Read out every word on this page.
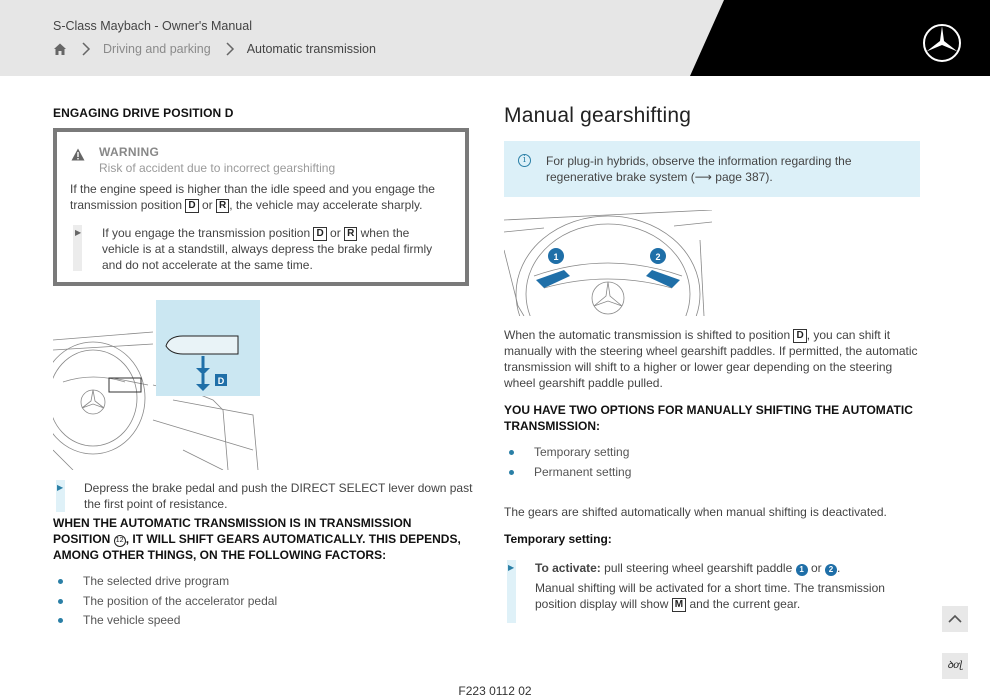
S-Class Maybach - Owner's Manual
Driving and parking	Automatic transmission
ENGAGING DRIVE POSITION D
WARNING
Risk of accident due to incorrect gearshifting
If the engine speed is higher than the idle speed and you engage the transmission position D or R , the vehicle may accelerate sharply.
▶ If you engage the transmission position D or R when the vehicle is at a standstill, always depress the brake pedal firmly and do not accelerate at the same time.
D
▶ Depress the brake pedal and push the DIRECT SELECT lever down past the first point of resistance.
WHEN THE AUTOMATIC TRANSMISSION IS IN TRANSMISSION POSITION 12 , IT WILL SHIFT GEARS AUTOMATICALLY. THIS DEPENDS, AMONG OTHER THINGS, ON THE FOLLOWING FACTORS:
The selected drive program
The position of the accelerator pedal
The vehicle speed
Manual gearshifting
i	For plug-in hybrids, observe the information regarding the regenerative brake system (⟶ page 387).
1	2
When the automatic transmission is shifted to position D , you can shift it manually with the steering wheel gearshift paddles. If permitted, the automatic transmission will shift to a higher or lower gear depending on the steering wheel gearshift paddle pulled.
YOU HAVE TWO OPTIONS FOR MANUALLY SHIFTING THE AUTOMATIC TRANSMISSION:
Temporary setting
Permanent setting
The gears are shifted automatically when manual shifting is deactivated.
Temporary setting:
▶ To activate: pull steering wheel gearshift paddle 1 or 2 .
Manual shifting will be activated for a short time. The transmission position display will show M and the current gear.
ꝺơɭ
F223 0112 02
